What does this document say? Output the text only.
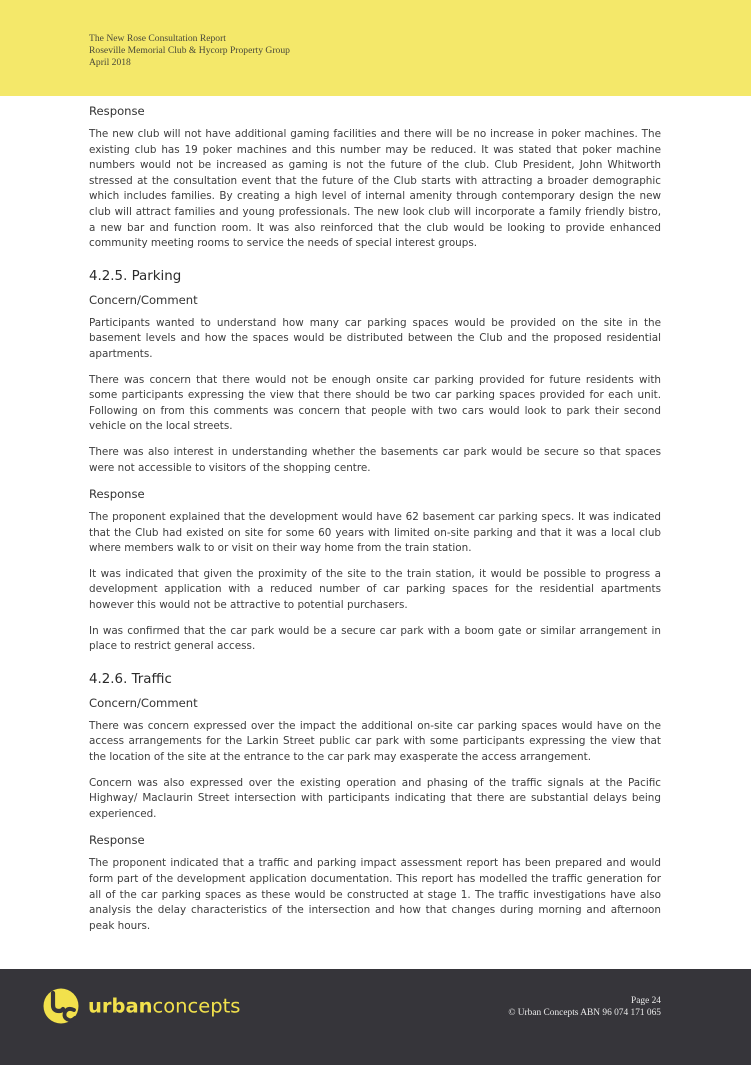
The New Rose Consultation Report
Roseville Memorial Club & Hycorp Property Group
April 2018
Response

The new club will not have additional gaming facilities and there will be no increase in poker machines. The existing club has 19 poker machines and this number may be reduced. It was stated that poker machine numbers would not be increased as gaming is not the future of the club. Club President, John Whitworth stressed at the consultation event that the future of the Club starts with attracting a broader demographic which includes families. By creating a high level of internal amenity through contemporary design the new club will attract families and young professionals. The new look club will incorporate a family friendly bistro, a new bar and function room. It was also reinforced that the club would be looking to provide enhanced community meeting rooms to service the needs of special interest groups.

4.2.5. Parking
Concern/Comment

Participants wanted to understand how many car parking spaces would be provided on the site in the basement levels and how the spaces would be distributed between the Club and the proposed residential apartments.

There was concern that there would not be enough onsite car parking provided for future residents with some participants expressing the view that there should be two car parking spaces provided for each unit. Following on from this comments was concern that people with two cars would look to park their second vehicle on the local streets.

There was also interest in understanding whether the basements car park would be secure so that spaces were not accessible to visitors of the shopping centre.

Response

The proponent explained that the development would have 62 basement car parking specs. It was indicated that the Club had existed on site for some 60 years with limited on-site parking and that it was a local club where members walk to or visit on their way home from the train station.

It was indicated that given the proximity of the site to the train station, it would be possible to progress a development application with a reduced number of car parking spaces for the residential apartments however this would not be attractive to potential purchasers.

In was confirmed that the car park would be a secure car park with a boom gate or similar arrangement in place to restrict general access.

4.2.6. Traffic
Concern/Comment

There was concern expressed over the impact the additional on-site car parking spaces would have on the access arrangements for the Larkin Street public car park with some participants expressing the view that the location of the site at the entrance to the car park may exasperate the access arrangement.

Concern was also expressed over the existing operation and phasing of the traffic signals at the Pacific Highway/ Maclaurin Street intersection with participants indicating that there are substantial delays being experienced.

Response

The proponent indicated that a traffic and parking impact assessment report has been prepared and would form part of the development application documentation. This report has modelled the traffic generation for all of the car parking spaces as these would be constructed at stage 1. The traffic investigations have also analysis the delay characteristics of the intersection and how that changes during morning and afternoon peak hours.

urbanconcepts	Page 24
© Urban Concepts ABN 96 074 171 065
